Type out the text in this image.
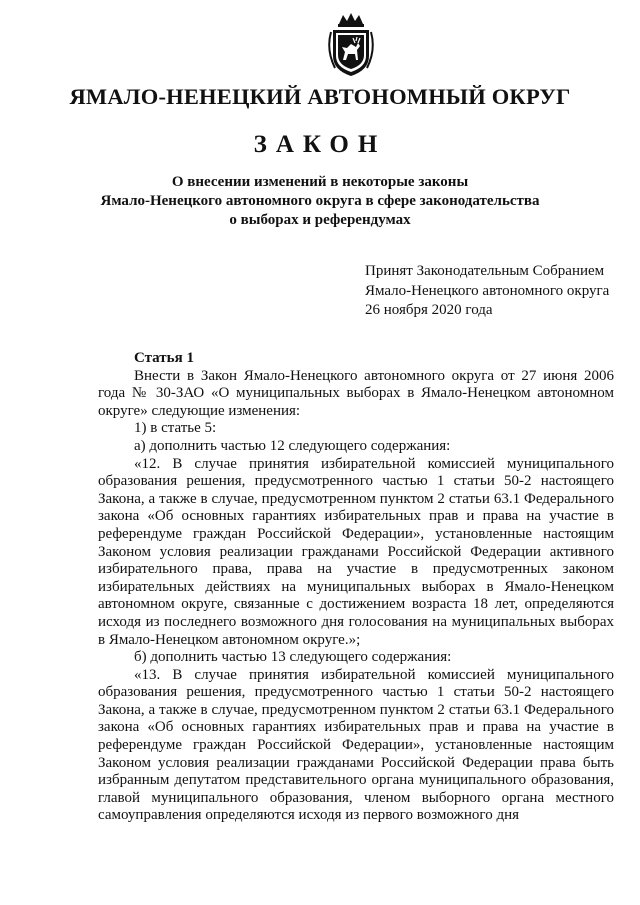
ЯМАЛО-НЕНЕЦКИЙ АВТОНОМНЫЙ ОКРУГ
ЗАКОН
О внесении изменений в некоторые законы
Ямало-Ненецкого автономного округа в сфере законодательства
о выборах и референдумах
Принят Законодательным Собранием
Ямало-Ненецкого автономного округа
26 ноября 2020 года
Статья 1

Внести в Закон Ямало-Ненецкого автономного округа от 27 июня 2006 года № 30-ЗАО «О муниципальных выборах в Ямало-Ненецком автономном округе» следующие изменения:

1) в статье 5:

а) дополнить частью 12 следующего содержания:

«12. В случае принятия избирательной комиссией муниципального образования решения, предусмотренного частью 1 статьи 50-2 настоящего Закона, а также в случае, предусмотренном пунктом 2 статьи 63.1 Федерального закона «Об основных гарантиях избирательных прав и права на участие в референдуме граждан Российской Федерации», установленные настоящим Законом условия реализации гражданами Российской Федерации активного избирательного права, права на участие в предусмотренных законом избирательных действиях на муниципальных выборах в Ямало-Ненецком автономном округе, связанные с достижением возраста 18 лет, определяются исходя из последнего возможного дня голосования на муниципальных выборах в Ямало-Ненецком автономном округе.»;

б) дополнить частью 13 следующего содержания:

«13. В случае принятия избирательной комиссией муниципального образования решения, предусмотренного частью 1 статьи 50-2 настоящего Закона, а также в случае, предусмотренном пунктом 2 статьи 63.1 Федерального закона «Об основных гарантиях избирательных прав и права на участие в референдуме граждан Российской Федерации», установленные настоящим Законом условия реализации гражданами Российской Федерации права быть избранным депутатом представительного органа муниципального образования, главой муниципального образования, членом выборного органа местного самоуправления определяются исходя из первого возможного дня
